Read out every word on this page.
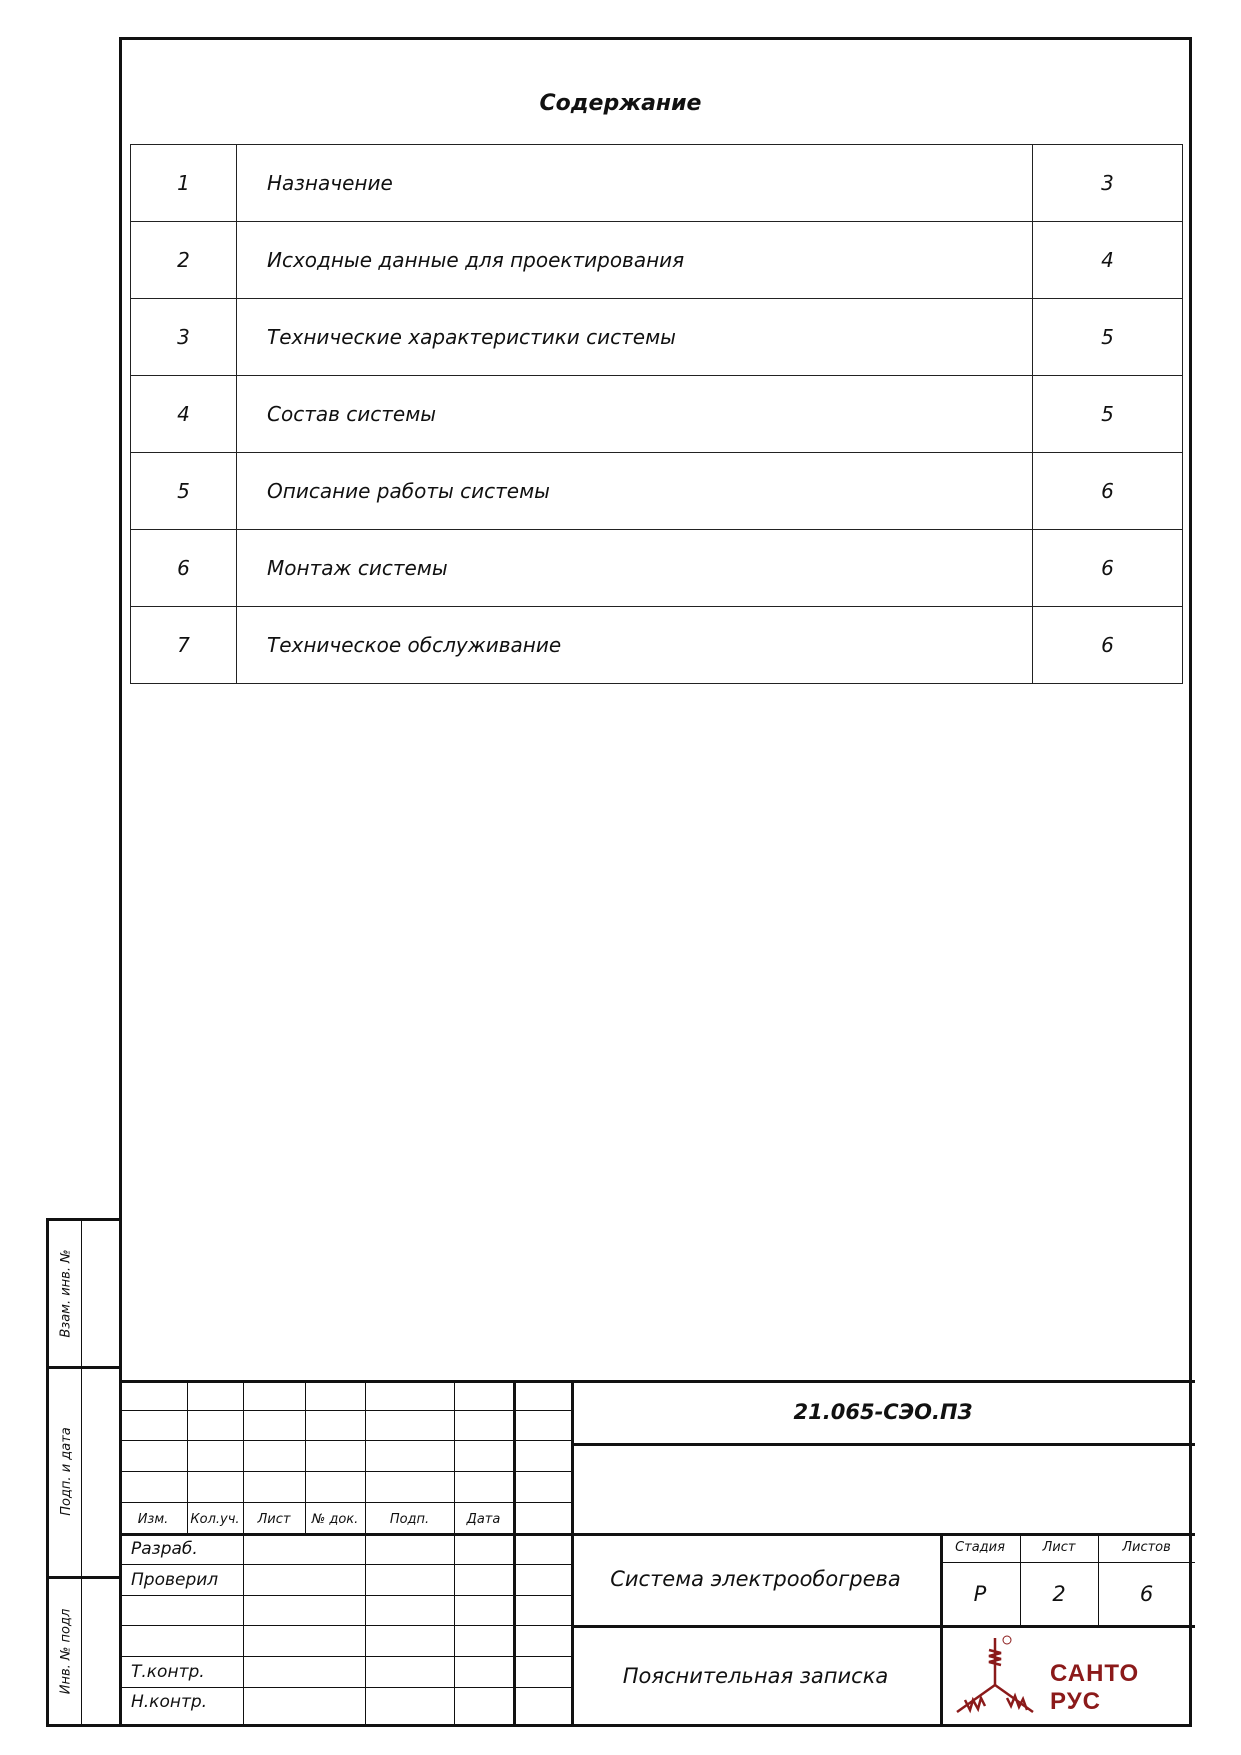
Содержание
1	Назначение	3
2	Исходные данные для проектирования	4
3	Технические характеристики системы	5
4	Состав системы	5
5	Описание работы системы	6
6	Монтаж системы	6
7	Техническое обслуживание	6
Взам. инв. №
Подп. и дата
Инв. № подл
Изм.	Кол.уч.	Лист	№ док.	Подп.	Дата
Разраб.
Проверил
Т.контр.
Н.контр.
21.065-СЭО.ПЗ
Система электрообогрева
Пояснительная записка
Стадия	Лист	Листов
Р	2	6
САНТО РУС
